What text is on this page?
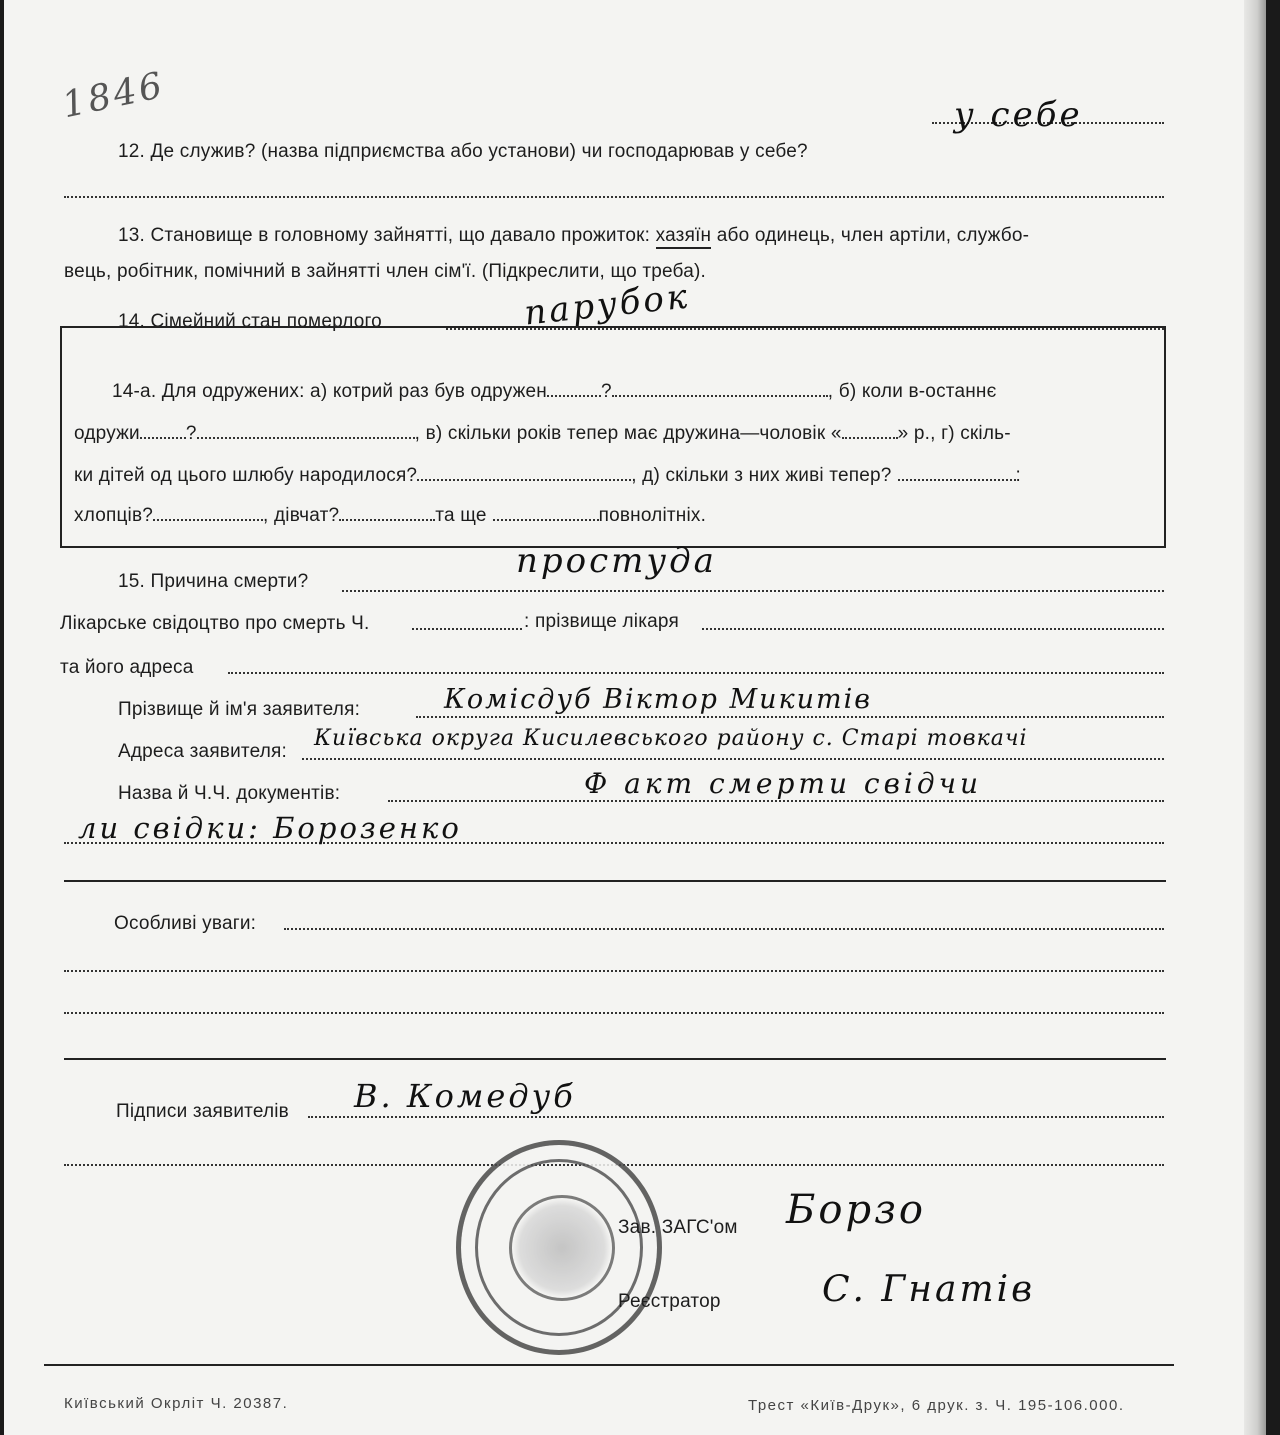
1846
12. Де служив? (назва підприємства або установи) чи господарював у себе?
у себе
13. Становище в головному зайнятті, що давало прожиток: хазяїн або одинець, член артіли, службо-
вець, робітник, помічний в зайнятті член сім'ї. (Підкреслити, що треба).
14. Сімейний стан померлого	парубок
14-а. Для одружених: а) котрий раз був одружен	?	, б) коли в-останнє
одружи ?	, в) скільки років тепер має дружина—чоловік «	» р., г) скіль-
ки дітей од цього шлюбу народилося?	, д) скільки з них живі тепер?	:
хлопців?	, дівчат?	та ще	повнолітніх.
15. Причина смерти?
простуда
Лікарське свідоцтво про смерть Ч.	: прізвище лікаря
та його адреса
Прізвище й ім'я заявителя:	Комісдуб Віктор Микитів
Адреса заявителя:
Київська округа Кисилевського району с. Старі товкачі
Назва й Ч.Ч. документів:	Ф акт смерти свідчи
ли свідки: Борозенко
Особливі уваги:
Підписи заявителів В. Комедуб
Зав. ЗАГС'ом Борзо
Реєстратор	С. Гнатів
Київський Окрліт Ч. 20387.	Трест «Київ-Друк», 6 друк. з. Ч. 195-106.000.
